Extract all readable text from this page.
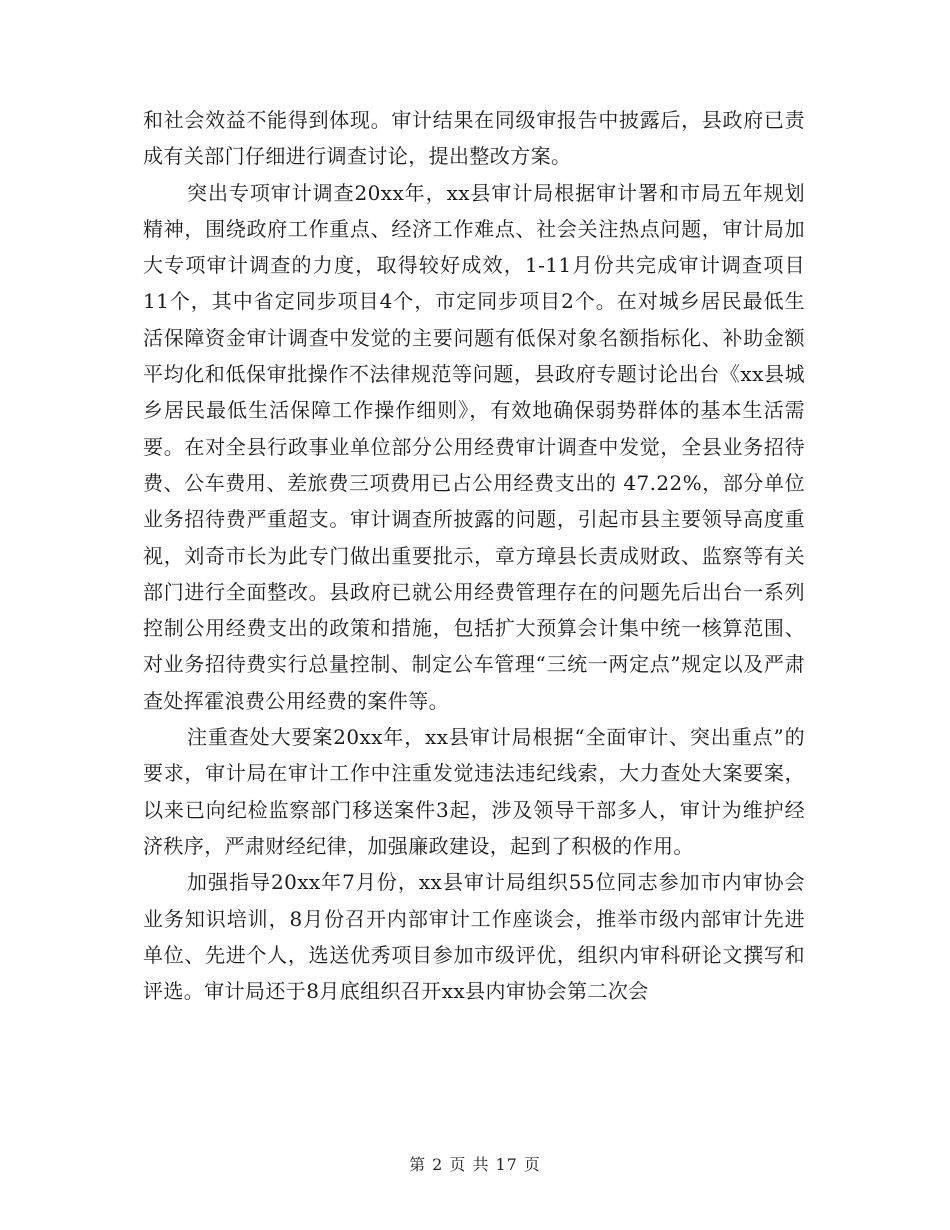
和社会效益不能得到体现。审计结果在同级审报告中披露后，县政府已责成有关部门仔细进行调查讨论，提出整改方案。

突出专项审计调查20xx年，xx县审计局根据审计署和市局五年规划精神，围绕政府工作重点、经济工作难点、社会关注热点问题，审计局加大专项审计调查的力度，取得较好成效，1-11月份共完成审计调查项目11个，其中省定同步项目4个，市定同步项目2个。在对城乡居民最低生活保障资金审计调查中发觉的主要问题有低保对象名额指标化、补助金额平均化和低保审批操作不法律规范等问题，县政府专题讨论出台《xx县城乡居民最低生活保障工作操作细则》，有效地确保弱势群体的基本生活需要。在对全县行政事业单位部分公用经费审计调查中发觉，全县业务招待费、公车费用、差旅费三项费用已占公用经费支出的 47.22%，部分单位业务招待费严重超支。审计调查所披露的问题，引起市县主要领导高度重视，刘奇市长为此专门做出重要批示，章方璋县长责成财政、监察等有关部门进行全面整改。县政府已就公用经费管理存在的问题先后出台一系列控制公用经费支出的政策和措施，包括扩大预算会计集中统一核算范围、对业务招待费实行总量控制、制定公车管理“三统一两定点”规定以及严肃查处挥霍浪费公用经费的案件等。

注重查处大要案20xx年，xx县审计局根据“全面审计、突出重点”的要求，审计局在审计工作中注重发觉违法违纪线索，大力查处大案要案，以来已向纪检监察部门移送案件3起，涉及领导干部多人，审计为维护经济秩序，严肃财经纪律，加强廉政建设，起到了积极的作用。

加强指导20xx年7月份，xx县审计局组织55位同志参加市内审协会业务知识培训，8月份召开内部审计工作座谈会，推举市级内部审计先进单位、先进个人，选送优秀项目参加市级评优，组织内审科研论文撰写和评选。审计局还于8月底组织召开xx县内审协会第二次会

第 2 页 共 17 页
